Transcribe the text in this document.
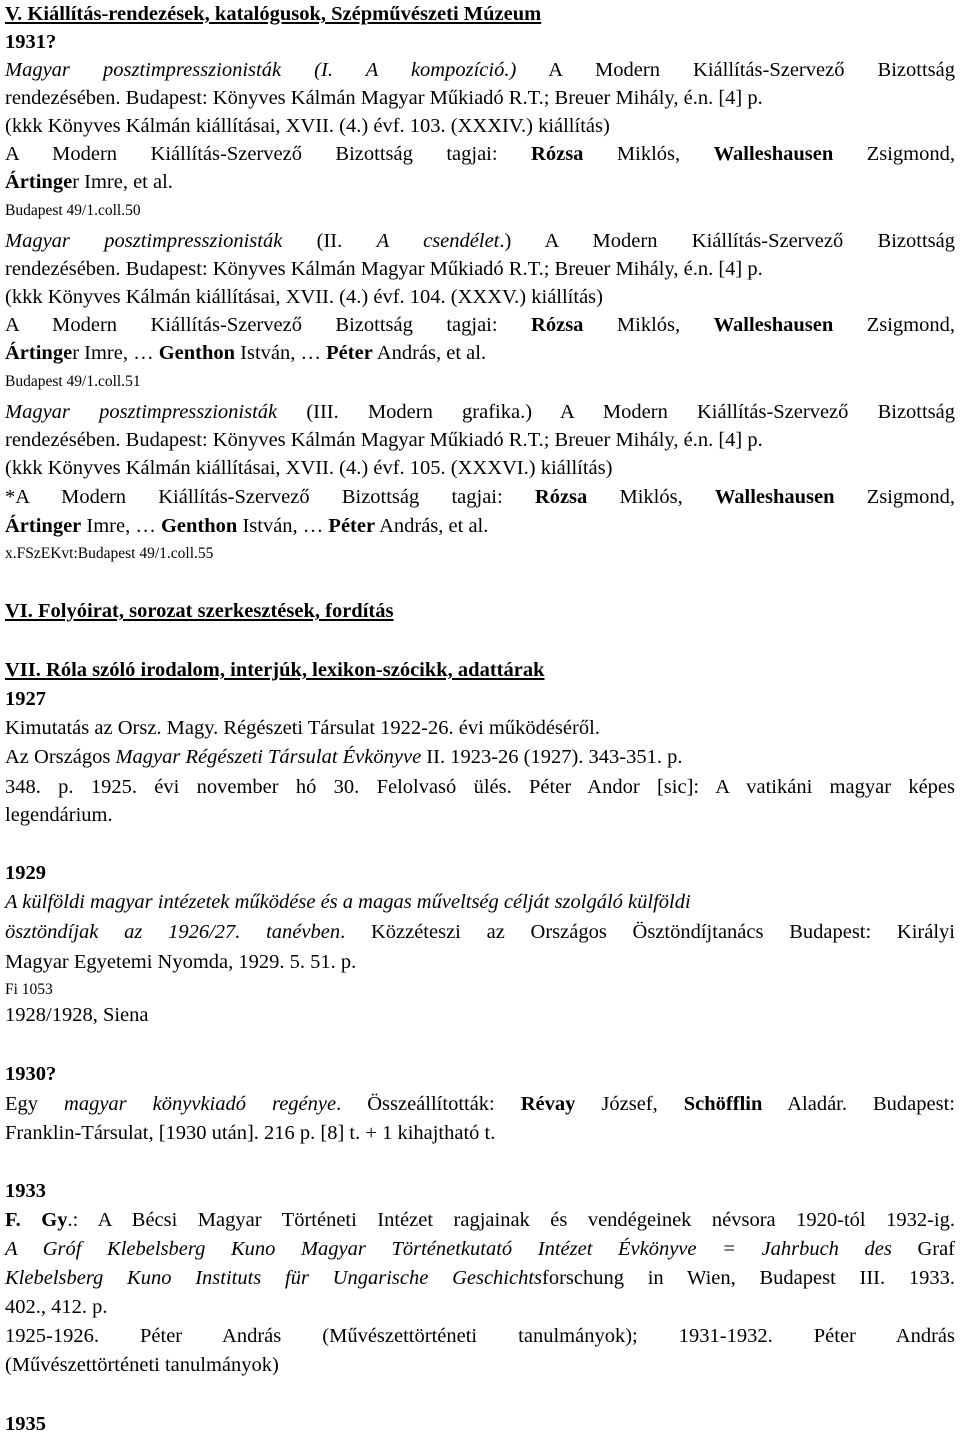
V. Kiállítás-rendezések, katalógusok, Szépművészeti Múzeum
1931?
Magyar posztimpresszionisták (I. A kompozíció.) A Modern Kiállítás-Szervező Bizottság
rendezésében. Budapest: Könyves Kálmán Magyar Műkiadó R.T.; Breuer Mihály, é.n. [4] p.
(kkk Könyves Kálmán kiállításai, XVII. (4.) évf. 103. (XXXIV.) kiállítás)
A Modern Kiállítás-Szervező Bizottság tagjai: Rózsa Miklós, Walleshausen Zsigmond,
Ártinger Imre, et al.
Budapest 49/1.coll.50
Magyar posztimpresszionisták (II. A csendélet.) A Modern Kiállítás-Szervező Bizottság
rendezésében. Budapest: Könyves Kálmán Magyar Műkiadó R.T.; Breuer Mihály, é.n. [4] p.
(kkk Könyves Kálmán kiállításai, XVII. (4.) évf. 104. (XXXV.) kiállítás)
A Modern Kiállítás-Szervező Bizottság tagjai: Rózsa Miklós, Walleshausen Zsigmond,
Ártinger Imre, … Genthon István, … Péter András, et al.
Budapest 49/1.coll.51
Magyar posztimpresszionisták (III. Modern grafika.) A Modern Kiállítás-Szervező Bizottság
rendezésében. Budapest: Könyves Kálmán Magyar Műkiadó R.T.; Breuer Mihály, é.n. [4] p.
(kkk Könyves Kálmán kiállításai, XVII. (4.) évf. 105. (XXXVI.) kiállítás)
*A Modern Kiállítás-Szervező Bizottság tagjai: Rózsa Miklós, Walleshausen Zsigmond,
Ártinger Imre, … Genthon István, … Péter András, et al.
x.FSzEKvt:Budapest 49/1.coll.55
VI. Folyóirat, sorozat szerkesztések, fordítás
VII. Róla szóló irodalom, interjúk, lexikon-szócikk, adattárak
1927
Kimutatás az Orsz. Magy. Régészeti Társulat 1922-26. évi működéséről.
Az Országos Magyar Régészeti Társulat Évkönyve II. 1923-26 (1927). 343-351. p.
348. p. 1925. évi november hó 30. Felolvasó ülés. Péter Andor [sic]: A vatikáni magyar képes
legendárium.
1929
A külföldi magyar intézetek működése és a magas műveltség célját szolgáló külföldi
ösztöndíjak az 1926/27. tanévben. Közzéteszi az Országos Ösztöndíjtanács Budapest: Királyi
Magyar Egyetemi Nyomda, 1929. 5. 51. p.
Fi 1053
1928/1928, Siena
1930?
Egy magyar könyvkiadó regénye. Összeállították: Révay József, Schöfflin Aladár. Budapest:
Franklin-Társulat, [1930 után]. 216 p. [8] t. + 1 kihajtható t.
1933
F. Gy.: A Bécsi Magyar Történeti Intézet ragjainak és vendégeinek névsora 1920-tól 1932-ig.
A Gróf Klebelsberg Kuno Magyar Történetkutató Intézet Évkönyve = Jahrbuch des Graf
Klebelsberg Kuno Instituts für Ungarische Geschichtsforschung in Wien, Budapest III. 1933.
402., 412. p.
1925-1926. Péter András (Művészettörténeti tanulmányok); 1931-1932. Péter András
(Művészettörténeti tanulmányok)
1935
